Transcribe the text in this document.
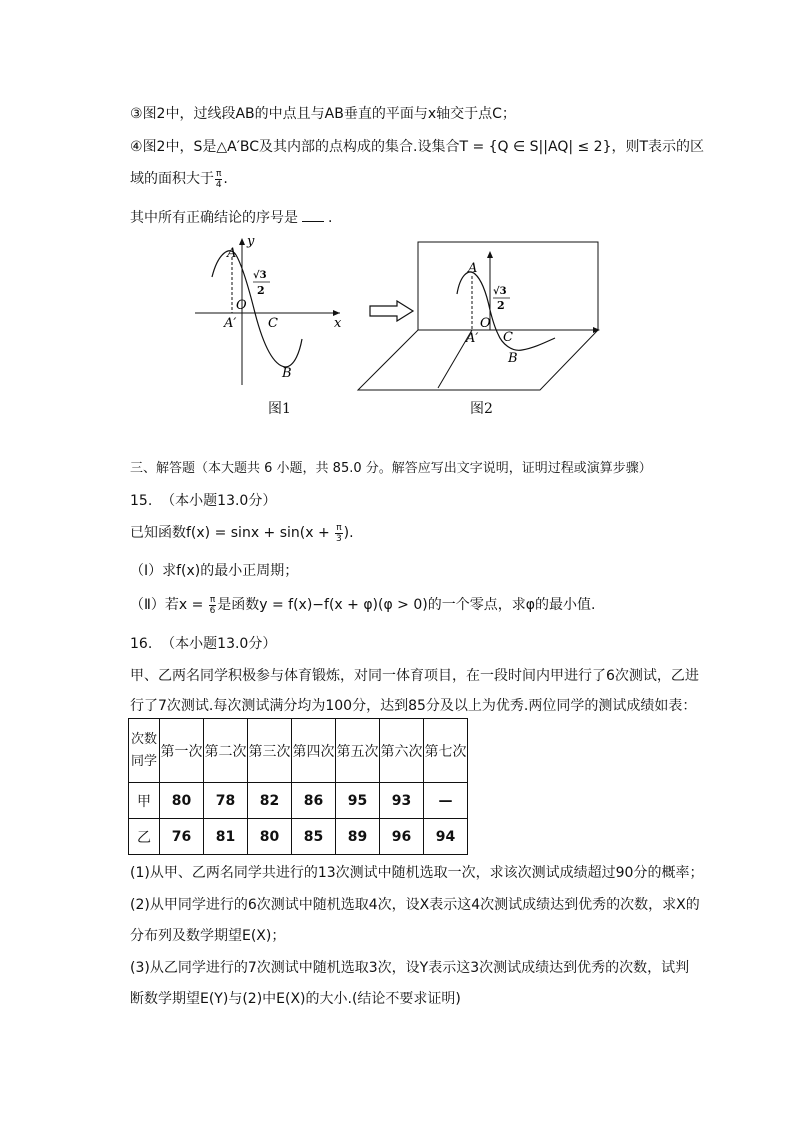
③图2中，过线段AB的中点且与AB垂直的平面与x轴交于点C；
④图2中，S是△A′BC及其内部的点构成的集合.设集合T = {Q ∈ S||AQ| ≤ 2}，则T表示的区
域的面积大于 $\frac{\pi}{4}$ .
其中所有正确结论的序号是 .
A
O
A′ C
B
x
y
√3
2
图1
A
O
A′ C
B
√3
2
图2
三、解答题（本大题共 6 小题，共 85.0 分。解答应写出文字说明，证明过程或演算步骤）
15. （本小题13.0分）
已知函数$f(x) = \sin x + \sin(x + \frac{\pi}{3}$ ).
（Ⅰ）求f(x)的最小正周期；
（Ⅱ）若$x = \frac{\pi}{6}$ 是函数y = f(x)−f(x + φ)(φ > 0)的一个零点，求φ的最小值.
16. （本小题13.0分）
甲、乙两名同学积极参与体育锻炼，对同一体育项目，在一段时间内甲进行了6次测试，乙进
行了7次测试.每次测试满分均为100分，达到85分及以上为优秀.两位同学的测试成绩如表：
次数
同学	第一次	第二次	第三次	第四次	第五次	第六次	第七次
甲	80	78	82	86	95	93	—
乙	76	81	80	85	89	96	94
(1)从甲、乙两名同学共进行的13次测试中随机选取一次，求该次测试成绩超过90分的概率；
(2)从甲同学进行的6次测试中随机选取4次，设X表示这4次测试成绩达到优秀的次数，求X的
分布列及数学期望E(X)；
(3)从乙同学进行的7次测试中随机选取3次，设Y表示这3次测试成绩达到优秀的次数，试判
断数学期望E(Y)与(2)中E(X)的大小.(结论不要求证明)
